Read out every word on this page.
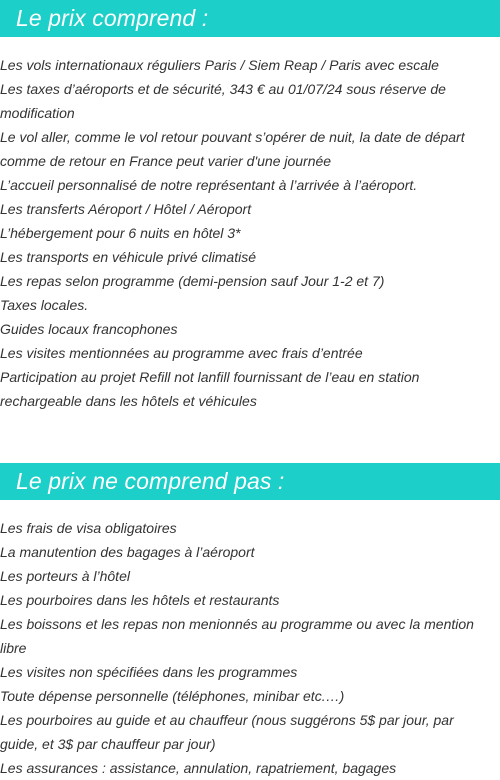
Le prix comprend :
Les vols internationaux réguliers Paris / Siem Reap / Paris avec escale
Les taxes d’aéroports et de sécurité, 343 € au 01/07/24 sous réserve de modification
Le vol aller, comme le vol retour pouvant s’opérer de nuit, la date de départ comme de retour en France peut varier d'une journée
L’accueil personnalisé de notre représentant à l’arrivée à l’aéroport.
Les transferts Aéroport / Hôtel / Aéroport
L’hébergement pour 6 nuits en hôtel 3*
Les transports en véhicule privé climatisé
Les repas selon programme (demi-pension sauf Jour 1-2 et 7)
Taxes locales.
Guides locaux francophones
Les visites mentionnées au programme avec frais d’entrée
Participation au projet Refill not lanfill fournissant de l’eau en station rechargeable dans les hôtels et véhicules
Le prix ne comprend pas :
Les frais de visa obligatoires
La manutention des bagages à l’aéroport
Les porteurs à l’hôtel
Les pourboires dans les hôtels et restaurants
Les boissons et les repas non menionnés au programme ou avec la mention libre
Les visites non spécifiées dans les programmes
Toute dépense personnelle (téléphones, minibar etc.…)
Les pourboires au guide et au chauffeur (nous suggérons 5$ par jour, par guide, et 3$ par chauffeur par jour)
Les assurances : assistance, annulation, rapatriement, bagages
